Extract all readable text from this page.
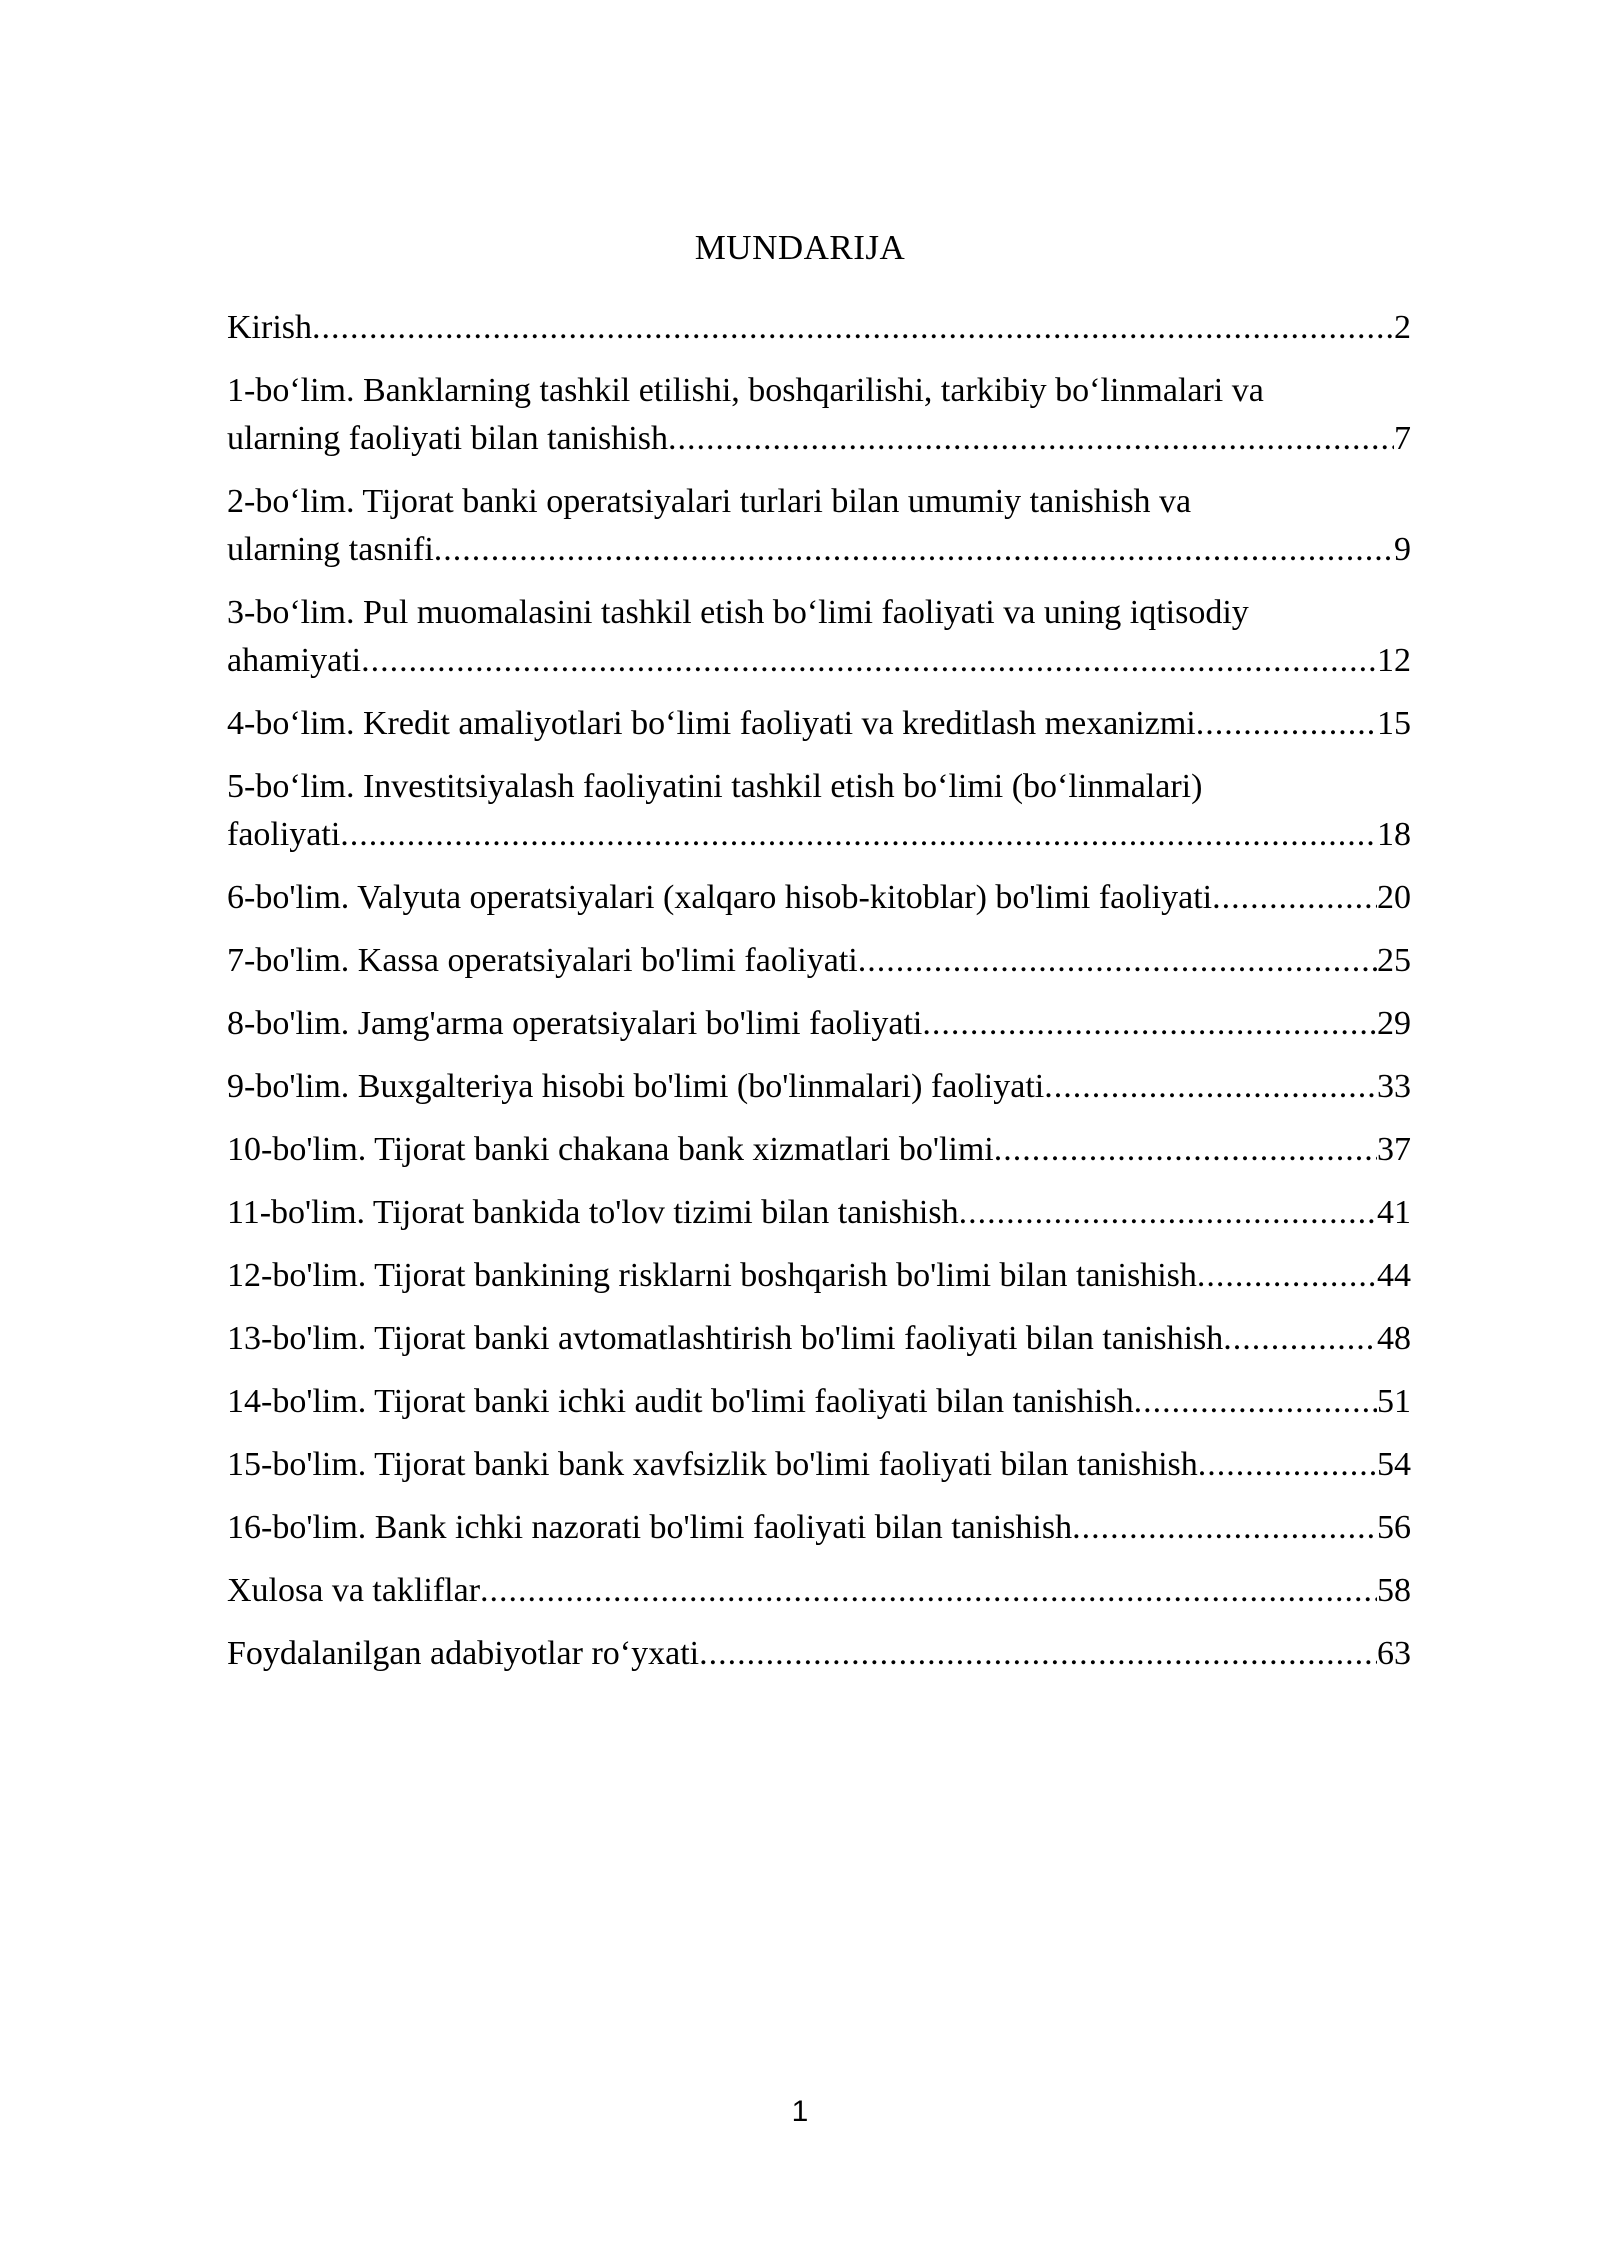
MUNDARIJA
Kirish .....	2
1-bo‘lim. Banklarning tashkil etilishi, boshqarilishi, tarkibiy bo‘linmalari va
ularning faoliyati bilan tanishish .....	7
2-bo‘lim. Tijorat banki operatsiyalari turlari bilan umumiy tanishish va
ularning tasnifi .....	9
3-bo‘lim. Pul muomalasini tashkil etish bo‘limi faoliyati va uning iqtisodiy
ahamiyati .....	12
4-bo‘lim. Kredit amaliyotlari bo‘limi faoliyati va kreditlash mexanizmi .....	15
5-bo‘lim. Investitsiyalash faoliyatini tashkil etish bo‘limi (bo‘linmalari)
faoliyati .....	18
6-bo'lim. Valyuta operatsiyalari (xalqaro hisob-kitoblar) bo'limi faoliyati .....	20
7-bo'lim. Kassa operatsiyalari bo'limi faoliyati .....	25
8-bo'lim. Jamg'arma operatsiyalari bo'limi faoliyati .....	29
9-bo'lim. Buxgalteriya hisobi bo'limi (bo'linmalari) faoliyati .....	33
10-bo'lim. Tijorat banki chakana bank xizmatlari bo'limi .....	37
11-bo'lim. Tijorat bankida to'lov tizimi bilan tanishish .....	41
12-bo'lim. Tijorat bankining risklarni boshqarish bo'limi bilan tanishish .....	44
13-bo'lim. Tijorat banki avtomatlashtirish bo'limi faoliyati bilan tanishish .....	48
14-bo'lim. Tijorat banki ichki audit bo'limi faoliyati bilan tanishish .....	51
15-bo'lim. Tijorat banki bank xavfsizlik bo'limi faoliyati bilan tanishish .....	54
16-bo'lim. Bank ichki nazorati bo'limi faoliyati bilan tanishish .....	56
Xulosa va takliflar .....	58
Foydalanilgan adabiyotlar ro‘yxati .....	63
1
